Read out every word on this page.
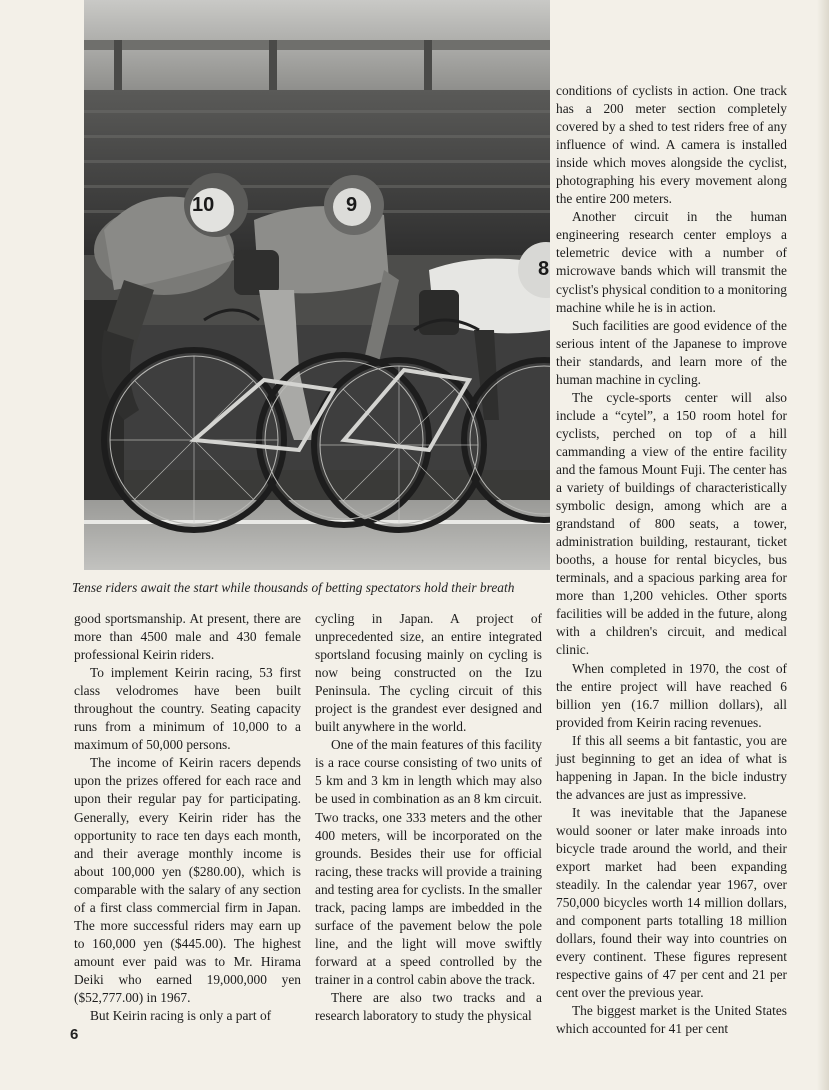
10	9
8
Tense riders await the start while thousands of betting spectators hold their breath

good sportsmanship. At present, there are more than 4500 male and 430 female professional Keirin riders.

To implement Keirin racing, 53 first class velodromes have been built throughout the country. Seating capacity runs from a minimum of 10,000 to a maximum of 50,000 persons.

The income of Keirin racers depends upon the prizes offered for each race and upon their regular pay for participating. Generally, every Keirin rider has the opportunity to race ten days each month, and their average monthly income is about 100,000 yen ($280.00), which is comparable with the salary of any section of a first class commercial firm in Japan. The more successful riders may earn up to 160,000 yen ($445.00). The highest amount ever paid was to Mr. Hirama Deiki who earned 19,000,000 yen ($52,777.00) in 1967.

But Keirin racing is only a part of

cycling in Japan. A project of unprecedented size, an entire integrated sportsland focusing mainly on cycling is now being constructed on the Izu Peninsula. The cycling circuit of this project is the grandest ever designed and built anywhere in the world.

One of the main features of this facility is a race course consisting of two units of 5 km and 3 km in length which may also be used in combination as an 8 km circuit. Two tracks, one 333 meters and the other 400 meters, will be incorporated on the grounds. Besides their use for official racing, these tracks will provide a training and testing area for cyclists. In the smaller track, pacing lamps are imbedded in the surface of the pavement below the pole line, and the light will move swiftly forward at a speed controlled by the trainer in a control cabin above the track.

There are also two tracks and a research laboratory to study the physical

conditions of cyclists in action. One track has a 200 meter section completely covered by a shed to test riders free of any influence of wind. A camera is installed inside which moves alongside the cyclist, photographing his every movement along the entire 200 meters.

Another circuit in the human engineering research center employs a telemetric device with a number of microwave bands which will transmit the cyclist's physical condition to a monitoring machine while he is in action.

Such facilities are good evidence of the serious intent of the Japanese to improve their standards, and learn more of the human machine in cycling.

The cycle-sports center will also include a “cytel”, a 150 room hotel for cyclists, perched on top of a hill cammanding a view of the entire facility and the famous Mount Fuji. The center has a variety of buildings of characteristically symbolic design, among which are a grandstand of 800 seats, a tower, administration building, restaurant, ticket booths, a house for rental bicycles, bus terminals, and a spacious parking area for more than 1,200 vehicles. Other sports facilities will be added in the future, along with a children's circuit, and medical clinic.

When completed in 1970, the cost of the entire project will have reached 6 billion yen (16.7 million dollars), all provided from Keirin racing revenues.

If this all seems a bit fantastic, you are just beginning to get an idea of what is happening in Japan. In the bicle industry the advances are just as impressive.

It was inevitable that the Japanese would sooner or later make inroads into bicycle trade around the world, and their export market had been expanding steadily. In the calendar year 1967, over 750,000 bicycles worth 14 million dollars, and component parts totalling 18 million dollars, found their way into countries on every continent. These figures represent respective gains of 47 per cent and 21 per cent over the previous year.

The biggest market is the United States which accounted for 41 per cent

6
